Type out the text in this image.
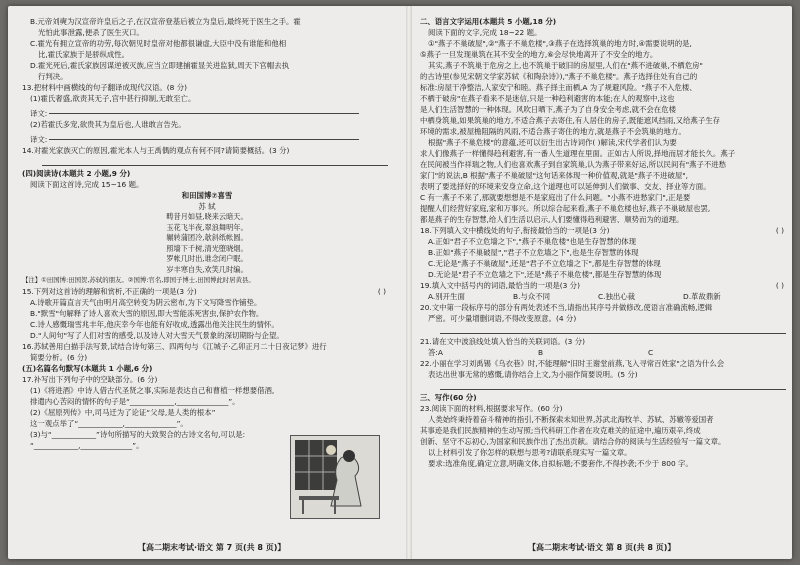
B.元帝刘奭为汉宣帝许皇后之子,在汉宣帝登基后被立为皇后,最终死于医生之手。霍
光怕此事泄露,便杀了医生灭口。
C.霍光有拥立宣帝的功劳,每次朝见时皇帝对他都很谦虚,大臣中没有谁能和他相
比,霍氏家族于是骄纵成性。
D.霍光死后,霍氏家族因谋逆被灭族,应当立即建捕霍显关进监狱,周天下官帽去执
行判决。
13.把材料中画横线的句子翻译成现代汉语。(8 分)
(1)霍氏奢盛,欲责其无子,宫中甚行抑制,无敢至亡。
译文:
(2)若霍氏多宠,欲贵其为皇后也,人谁敢言告先。
译文:
14.对霍光家族灭亡的原因,霍光本人与王禹偶的观点有何不同?请简要概括。(3 分)
(四)阅读诗(本题共 2 小题,9 分)
阅读下面这首诗,完成 15~16 题。
和田国博⑦喜雪
苏 轼
畴昔月如昼,晓来云暗天。
玉花飞半夜,翠浪舞明年。
辗转蒲团冷,欹斜纸帐圆。
照墙下千树,清光堕晓烟。
罗帐几时出,谁念闭户眠。
岁丰寒自失,欢笑几时编。
【注】①田国博:田国贺,苏轼的朋友。②国博:官名,即国子博士,田国博此时居黄县。
15.下列对这首诗的理解和赏析,不正确的一项是(3 分)	( )
A.诗歌开篇直言天气由明月高空转变为阴云密布,为下文写降雪作铺垫。
B."默雪"句解释了诗人喜欢大雪的原因,即大雪能冻死害虫,保护农作物。
C.诗人感慨瑞雪兆丰年,他庆幸今年也能有好收成,透露出他关注民生的情怀。
D."人间句"写了人们对雪的感受,以及诗人对大雪天气景象的深切期盼与企望。
16.苏轼善用白描手法写景,试结合诗句第三、四两句与《江城子·乙卯正月二十日夜记梦》进行
简要分析。(6 分)
(五)名篇名句默写(本题共 1 小题,6 分)
17.补写出下列句子中的空缺部分。(6 分)
(1)《将进酒》中诗人借古代圣贤之事,实际是表达自己和曹植一样想要借酒,
排遣内心苦闷的情怀的句子是“____________,______________”。
(2)《屈原列传》中,司马迁为了论证“父母,是人类的根本”
这一观点举了“____________,______________”。
(3)与“____________”诗句所描写的大致契合的古诗文名句,可以是:
“____________,______________”。
【高二期末考试·语文 第 7 页(共 8 页)】
二、语言文字运用(本题共 5 小题,18 分)
阅读下面的文字,完成 18~22 题。
①"燕子不巢破屋",②"燕子不巢危楼",③燕子在选择筑巢的地方时,④需要说明的是,
⑤燕子一旦发现巢筑在其不安全的地方,⑥会尽快地离开了不安全的地方。
其实,燕子不筑巢于危房之上,也不筑巢于破旧的房屋里,人们在"燕不进破巢,不栖危房"
的古诗里(参见宋朝文学家苏轼《和陶杂诗》),"燕子不巢危楼"。燕子选择住处有自己的
标准:房屋干净整洁,人家安宁和睦。燕子择主而栖,A 为了规避风险。"燕子不入危楼、
不栖于破房"在燕子看来不是迷信,只是一种趋利避害的本能;在人的观察中,这也
是人们生活智慧的一种体现。风吹日晒下,燕子为了自身安全考虑,就不会在危楼
中栖身筑巢,如果筑巢的地方,不适合燕子去寄住,有人居住的房子,既能遮风挡雨,又给燕子生存
环境的需求,被屋檐阻隔的风雨,不适合燕子寄住的地方,就是燕子不会筑巢的地方。
根据"燕子不巢危楼"的意蕴,还可以衍生出古诗词作( )解读,宋代学者们认为要
求人们像燕子一样懂得趋利避害,有一番人生道理在里面。正如古人所说,择地而居才能长久。燕子
在民间被当作祥瑞之物,人们也喜欢燕子到自家筑巢,认为燕子带来好运,所以民间有"燕子不进愁
家门"的说法,B 根据"燕子不巢破屋"这句话来体现一种价值观,就是"燕子不进破屋",
表明了要选择好的环境来安身立命,这个道理也可以延伸到人们做事、交友、择业等方面。
C 有一燕子不来了,那就要想想是不是家庭出了什么问题。"小燕不进愁家门",正是要
提醒人们经营好家庭,家和万事兴。所以综合起来看,燕子不巢危楼也好,燕子不巢破屋也罢,
都是燕子的生存智慧,给人们生活以启示,人们要懂得趋利避害、顺势而为的道理。
18.下列填入文中横线处的句子,衔接最恰当的一项是(3 分)	( )
A.正如"君子不立危墙之下","燕子不巢危楼"也是生存智慧的体现
B.正如"燕子不巢破屋","君子不立危墙之下",也是生存智慧的体现
C.无论是"燕子不巢破屋",还是"君子不立危墙之下",都是生存智慧的体现
D.无论是"君子不立危墙之下",还是"燕子不巢危楼",都是生存智慧的体现
19.填入文中括号内的词语,最恰当的一项是(3 分)	( )
A.别开生面	B.与众不同	C.独出心裁	D.革故鼎新
20.文中第一段标序号的部分有两处表述不当,请指出其序号并做修改,使语言准确流畅,逻辑
严密。可少量增删词语,不得改变原意。(4 分)
21.请在文中波浪线处填入恰当的关联词语。(3 分)
答:A	B	C
22.小丽在学习刘禹锡《乌衣巷》时,不能理解"旧时王谢堂前燕,飞入寻常百姓家"之语为什么会
表达出世事无常的感慨,请你结合上文,为小丽作简要说明。(5 分)
三、写作(60 分)
23.阅读下面的材料,根据要求写作。(60 分)
人类始终秉持着奋斗精神的指引,不断探索未知世界,苏武北海牧羊、苏轼、苏辙等爱国者
其事迹是我们民族精神的生动写照;当代科研工作者在攻克难关的征途中,遍历艰辛,终成
创新、坚守不忘初心,为国家和民族作出了杰出贡献。请结合你的阅读与生活经验写一篇文章。
以上材料引发了你怎样的联想与思考?请联系现实写一篇文章。
要求:选准角度,确定立意,明确文体,自拟标题;不要套作,不得抄袭;不少于 800 字。
【高二期末考试·语文 第 8 页(共 8 页)】
